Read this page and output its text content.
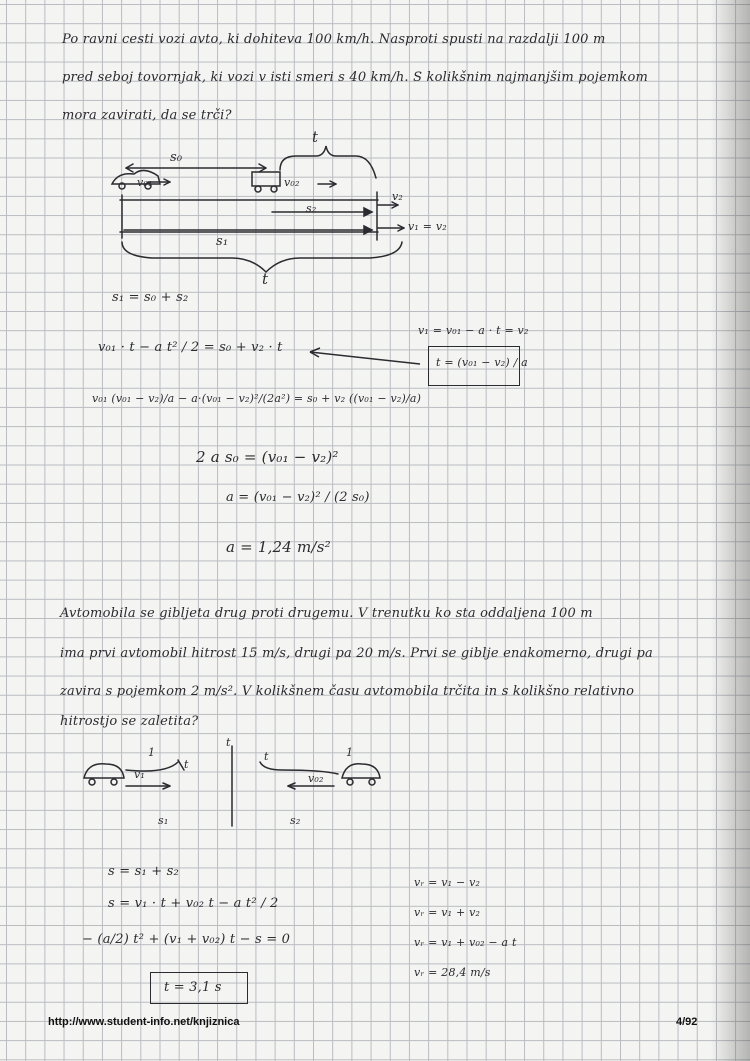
Po ravni cesti vozi avto, ki dohiteva 100 km/h. Nasproti spusti na razdalji 100 m
pred seboj tovornjak, ki vozi v isti smeri s 40 km/h. S kolikšnim najmanjšim pojemkom
mora zavirati, da se trči?
s₀
t
v₀₁	v₀₂
s₂
v₂
v₁ = v₂
s₁
t
s₁ = s₀ + s₂
v₀₁ · t − a t² / 2 = s₀ + v₂ · t
v₀₁ (v₀₁ − v₂)/a − a·(v₀₁ − v₂)²/(2a²) = s₀ + v₂ ((v₀₁ − v₂)/a)
2 a s₀ = (v₀₁ − v₂)²
a = (v₀₁ − v₂)² / (2 s₀)
a = 1,24 m/s²
v₁ = v₀₁ − a · t = v₂
t = (v₀₁ − v₂) / a
Avtomobila se gibljeta drug proti drugemu. V trenutku ko sta oddaljena 100 m
ima prvi avtomobil hitrost 15 m/s, drugi pa 20 m/s. Prvi se giblje enakomerno, drugi pa
zavira s pojemkom 2 m/s². V kolikšnem času avtomobila trčita in s kolikšno relativno
hitrostjo se zaletita?
1	1
t
v₁
t
t
v₀₂
s₁	s₂
s = s₁ + s₂
s = v₁ · t + v₀₂ t − a t² / 2
− (a/2) t² + (v₁ + v₀₂) t − s = 0
t = 3,1 s
vᵣ = v₁ − v₂
vᵣ = v₁ + v₂
vᵣ = v₁ + v₀₂ − a t
vᵣ = 28,4 m/s
http://www.student-info.net/knjiznica	4/92
